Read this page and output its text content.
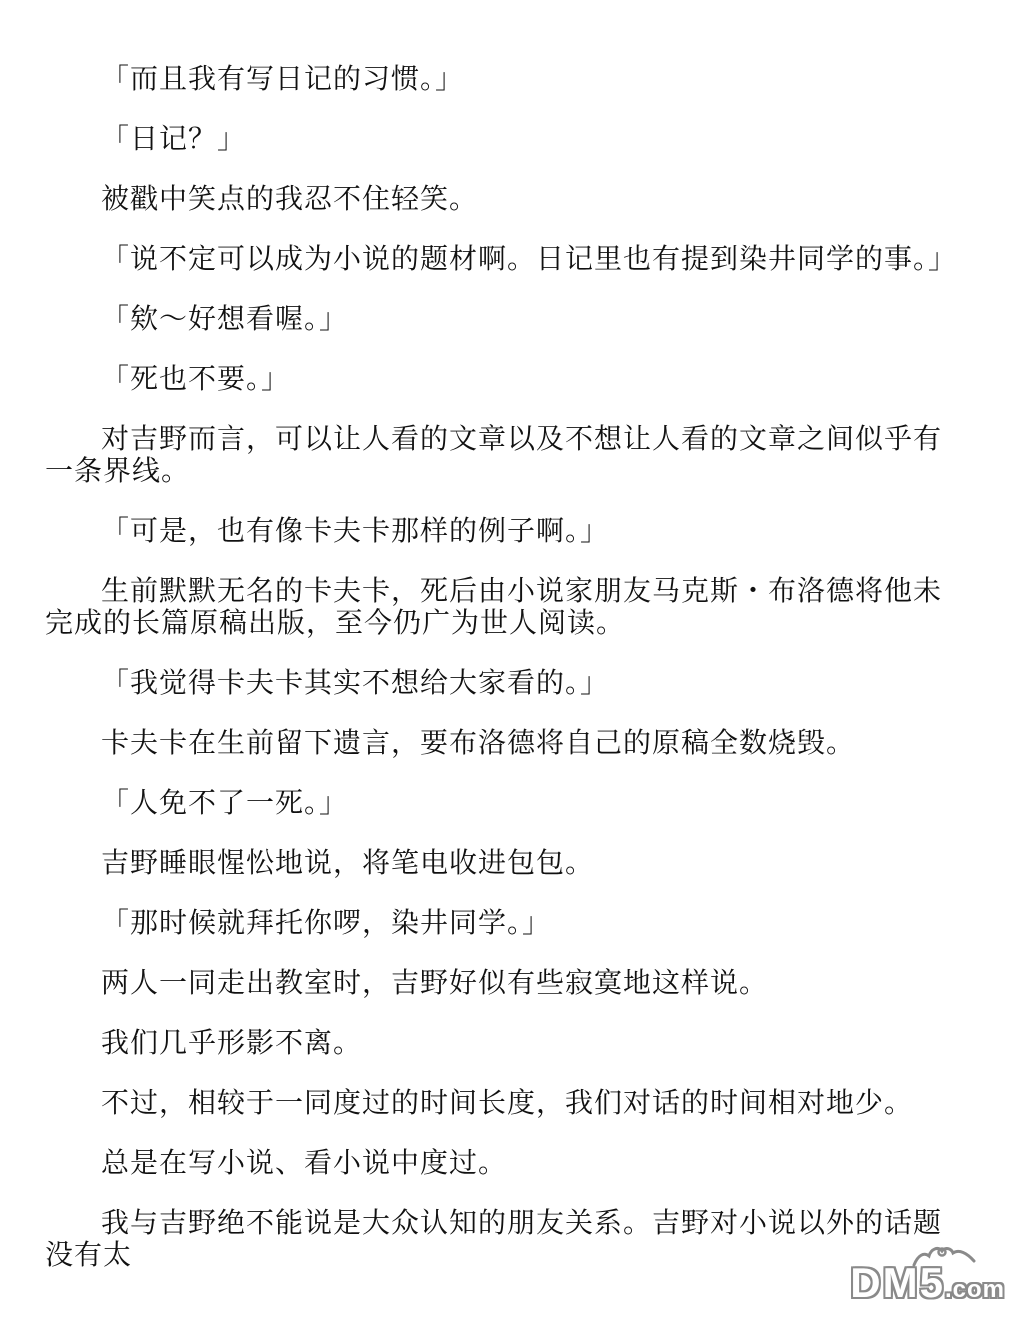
「而且我有写日记的习惯。」

「日记？」

被戳中笑点的我忍不住轻笑。

「说不定可以成为小说的题材啊。日记里也有提到染井同学的事。」

「欸～好想看喔。」

「死也不要。」

对吉野而言，可以让人看的文章以及不想让人看的文章之间似乎有一条界线。

「可是，也有像卡夫卡那样的例子啊。」

生前默默无名的卡夫卡，死后由小说家朋友马克斯・布洛德将他未完成的长篇原稿出版，至今仍广为世人阅读。

「我觉得卡夫卡其实不想给大家看的。」

卡夫卡在生前留下遗言，要布洛德将自己的原稿全数烧毁。

「人免不了一死。」

吉野睡眼惺忪地说，将笔电收进包包。

「那时候就拜托你啰，染井同学。」

两人一同走出教室时，吉野好似有些寂寞地这样说。

我们几乎形影不离。

不过，相较于一同度过的时间长度，我们对话的时间相对地少。

总是在写小说、看小说中度过。

我与吉野绝不能说是大众认知的朋友关系。吉野对小说以外的话题没有太

DM5.com
